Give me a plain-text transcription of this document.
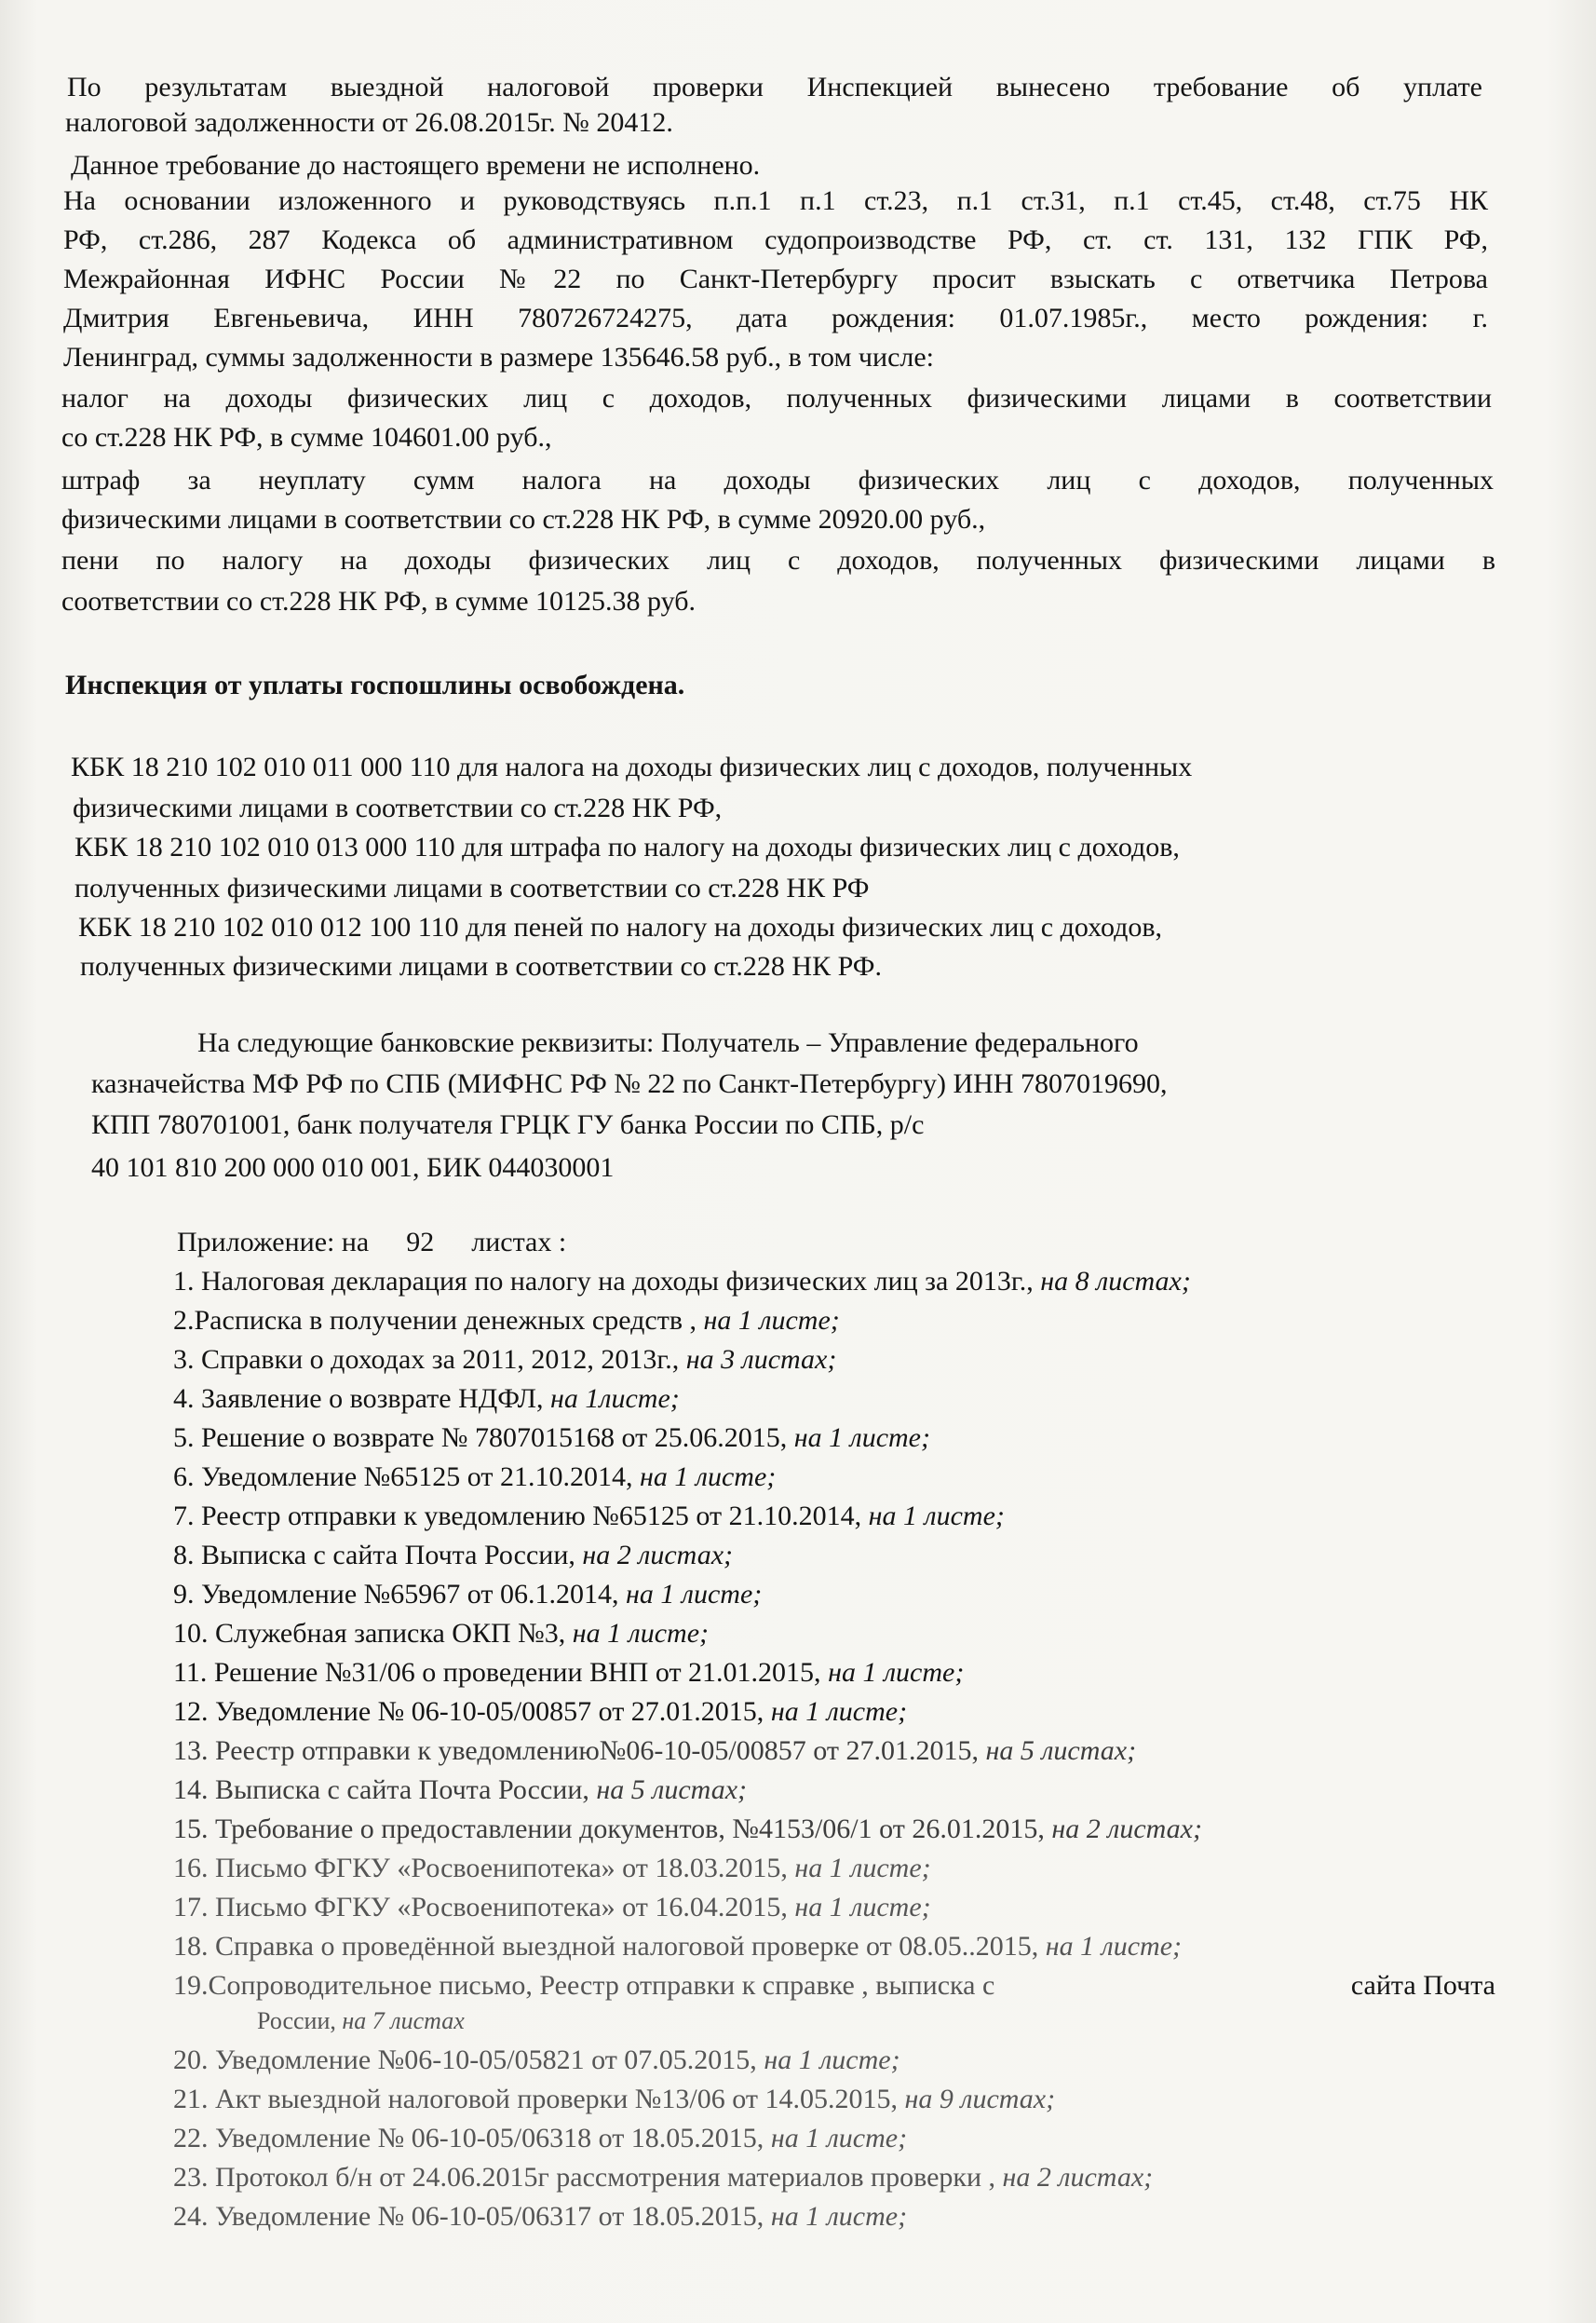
По результатам выездной налоговой проверки Инспекцией вынесено требование об уплате
налоговой задолженности от 26.08.2015г. № 20412.
Данное требование до настоящего времени не исполнено.
На основании изложенного и руководствуясь п.п.1 п.1 ст.23, п.1 ст.31, п.1 ст.45, ст.48, ст.75 НК
РФ, ст.286, 287 Кодекса об административном судопроизводстве РФ, ст. ст. 131, 132 ГПК РФ,
Межрайонная ИФНС России №22 по Санкт-Петербургу просит взыскать с ответчика Петрова
Дмитрия Евгеньевича, ИНН 780726724275, дата рождения: 01.07.1985г., место рождения: г.
Ленинград, суммы задолженности в размере 135646.58 руб., в том числе:
налог на доходы физических лиц с доходов, полученных физическими лицами в соответствии
со ст.228 НК РФ, в сумме 104601.00 руб.,
штраф за неуплату сумм налога на доходы физических лиц с доходов, полученных
физическими лицами в соответствии со ст.228 НК РФ, в сумме 20920.00 руб.,
пени по налогу на доходы физических лиц с доходов, полученных физическими лицами в
соответствии со ст.228 НК РФ, в сумме 10125.38 руб.
Инспекция от уплаты госпошлины освобождена.
КБК 18 210 102 010 011 000 110 для налога на доходы физических лиц с доходов, полученных
физическими лицами в соответствии со ст.228 НК РФ,
КБК 18 210 102 010 013 000 110 для штрафа по налогу на доходы физических лиц с доходов,
полученных физическими лицами в соответствии со ст.228 НК РФ
КБК 18 210 102 010 012 100 110 для пеней по налогу на доходы физических лиц с доходов,
полученных физическими лицами в соответствии со ст.228 НК РФ.
На следующие банковские реквизиты: Получатель – Управление федерального
казначейства МФ РФ по СПБ (МИФНС РФ № 22 по Санкт-Петербургу) ИНН 7807019690,
КПП 780701001, банк получателя ГРЦК ГУ банка России по СПБ, р/с
40 101 810 200 000 010 001, БИК 044030001
Приложение: на 92 листах :
1. Налоговая декларация по налогу на доходы физических лиц за 2013г., на 8 листах;
2.Расписка в получении денежных средств , на 1 листе;
3. Справки о доходах за 2011, 2012, 2013г., на 3 листах;
4. Заявление о возврате НДФЛ, на 1листе;
5. Решение о возврате № 7807015168 от 25.06.2015, на 1 листе;
6. Уведомление №65125 от 21.10.2014, на 1 листе;
7. Реестр отправки к уведомлению №65125 от 21.10.2014, на 1 листе;
8. Выписка с сайта Почта России, на 2 листах;
9. Уведомление №65967 от 06.1.2014, на 1 листе;
10. Служебная записка ОКП №3, на 1 листе;
11. Решение №31/06 о проведении ВНП от 21.01.2015, на 1 листе;
12. Уведомление № 06-10-05/00857 от 27.01.2015, на 1 листе;
13. Реестр отправки к уведомлению№06-10-05/00857 от 27.01.2015, на 5 листах;
14. Выписка с сайта Почта России, на 5 листах;
15. Требование о предоставлении документов, №4153/06/1 от 26.01.2015, на 2 листах;
16. Письмо ФГКУ «Росвоенипотека» от 18.03.2015, на 1 листе;
17. Письмо ФГКУ «Росвоенипотека» от 16.04.2015, на 1 листе;
18. Справка о проведённой выездной налоговой проверке от 08.05..2015, на 1 листе;
19.Сопроводительное письмо, Реестр отправки к справке , выписка с	сайта Почта
России, на 7 листах
20. Уведомление №06-10-05/05821 от 07.05.2015, на 1 листе;
21. Акт выездной налоговой проверки №13/06 от 14.05.2015, на 9 листах;
22. Уведомление № 06-10-05/06318 от 18.05.2015, на 1 листе;
23. Протокол б/н от 24.06.2015г рассмотрения материалов проверки , на 2 листах;
24. Уведомление № 06-10-05/06317 от 18.05.2015, на 1 листе;
